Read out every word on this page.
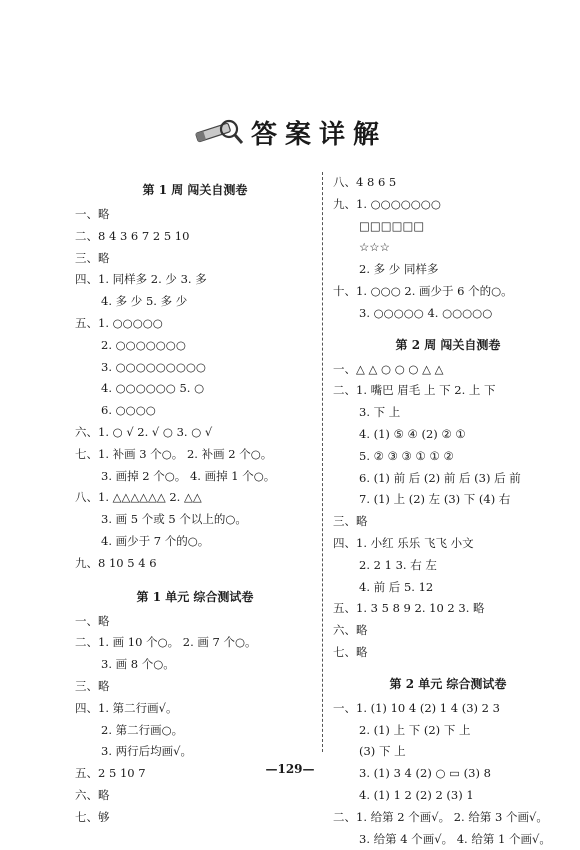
答案详解
第 1 周 闯关自测卷
一、略
二、8 4 3 6 7 2 5 10
三、略
四、1. 同样多 2. 少 3. 多
4. 多 少 5. 多 少
五、1. ○○○○○
2. ○○○○○○○
3. ○○○○○○○○○
4. ○○○○○○ 5. ○
6. ○○○○
六、1. ○ √ 2. √ ○ 3. ○ √
七、1. 补画 3 个○。 2. 补画 2 个○。
3. 画掉 2 个○。 4. 画掉 1 个○。
八、1. △△△△△△ 2. △△
3. 画 5 个或 5 个以上的○。
4. 画少于 7 个的○。
九、8 10 5 4 6
第 1 单元 综合测试卷
一、略
二、1. 画 10 个○。 2. 画 7 个○。
3. 画 8 个○。
三、略
四、1. 第二行画√。
2. 第二行画○。
3. 两行后均画√。
五、2 5 10 7
六、略
七、够
八、4 8 6 5
九、1. ○○○○○○○
□□□□□□
☆☆☆
2. 多 少 同样多
十、1. ○○○ 2. 画少于 6 个的○。
3. ○○○○○ 4. ○○○○○
第 2 周 闯关自测卷
一、△ △ ○ ○ ○ △ △
二、1. 嘴巴 眉毛 上 下 2. 上 下
3. 下 上
4. (1) ⑤ ④ (2) ② ①
5. ② ③ ③ ① ① ②
6. (1) 前 后 (2) 前 后 (3) 后 前
7. (1) 上 (2) 左 (3) 下 (4) 右
三、略
四、1. 小红 乐乐 飞飞 小文
2. 2 1 3. 右 左
4. 前 后 5. 12
五、1. 3 5 8 9 2. 10 2 3. 略
六、略
七、略
第 2 单元 综合测试卷
一、1. (1) 10 4 (2) 1 4 (3) 2 3
2. (1) 上 下 (2) 下 上
(3) 下 上
3. (1) 3 4 (2) ○ ▭ (3) 8
4. (1) 1 2 (2) 2 (3) 1
二、1. 给第 2 个画√。 2. 给第 3 个画√。
3. 给第 4 个画√。 4. 给第 1 个画√。
—129—
